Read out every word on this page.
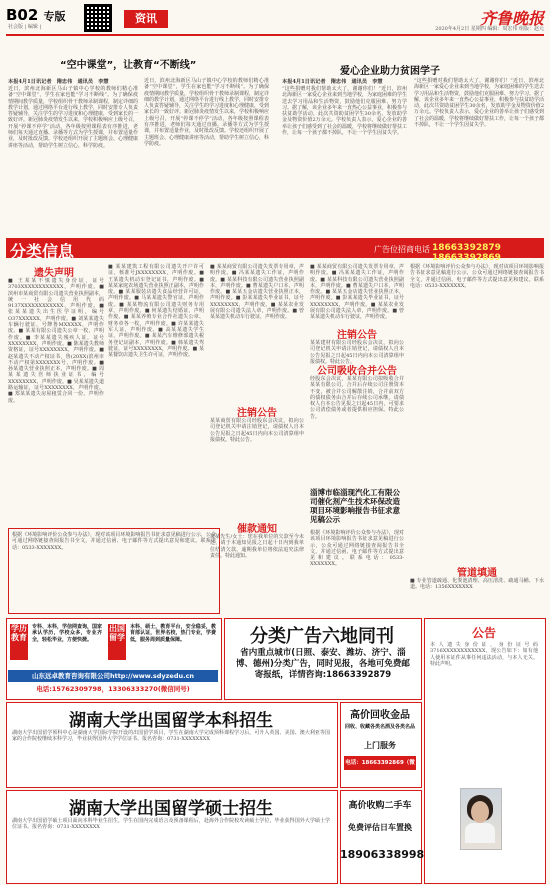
B02 专版
社会版 | 编辑 |
资讯	齐鲁晚报
2020年4月2日 星期四 编辑：周宏伟 组版：赵元
“空中课堂”，让教育“不断线”
本报4月1日讯记者　隋忠伟　通讯员　李慧
近日，滨州北海新区马山子镇中心学校的教师们精心准备“空中课堂”，学生在家也能“学习不断线”。为了确保疫情期间教学质量，学校组织骨干教师录制课程，制定详细的教学计划，通过网络平台进行线上教学，同时安排专人负责答疑辅导，关注学生的学习进度和心理健康，受到家长的一致好评。新冠肺炎疫情发生以来，学校积极响应上级号召，开展“停课不停学”活动，各年级按照课程表有序推进，老师们每天通过直播、录播等方式为学生授课，并布置适量作业，及时批改反馈。学校还组织开展了主题班会、心理健康讲座等活动，帮助学生树立信心，科学防疫。
近日，滨州北海新区马山子镇中心学校的教师们精心准备“空中课堂”，学生在家也能“学习不断线”。为了确保疫情期间教学质量，学校组织骨干教师录制课程，制定详细的教学计划，通过网络平台进行线上教学，同时安排专人负责答疑辅导，关注学生的学习进度和心理健康，受到家长的一致好评。新冠肺炎疫情发生以来，学校积极响应上级号召，开展“停课不停学”活动，各年级按照课程表有序推进，老师们每天通过直播、录播等方式为学生授课，并布置适量作业，及时批改反馈。学校还组织开展了主题班会、心理健康讲座等活动，帮助学生树立信心，科学防疫。
爱心企业助力贫困学子
本报4月1日讯记者　隋忠伟　通讯员　李慧
“这些捐赠对我们帮助太大了，谢谢你们！”近日，滨州北海新区一家爱心企业来到当地学校，为家庭困难的学生送去学习用品和生活物资，鼓励他们克服困难、努力学习。据了解，该企业多年来一直热心公益事业，积极参与扶贫助学活动，此次共资助贫困学生30余名，发放助学金及物资价值2万余元。学校负责人表示，爱心企业的善举让孩子们感受到了社会的温暖，学校将继续做好帮扶工作，让每一个孩子都不掉队，不让一个学生因贫失学。
“这些捐赠对我们帮助太大了，谢谢你们！”近日，滨州北海新区一家爱心企业来到当地学校，为家庭困难的学生送去学习用品和生活物资，鼓励他们克服困难、努力学习。据了解，该企业多年来一直热心公益事业，积极参与扶贫助学活动，此次共资助贫困学生30余名，发放助学金及物资价值2万余元。学校负责人表示，爱心企业的善举让孩子们感受到了社会的温暖，学校将继续做好帮扶工作，让每一个孩子都不掉队，不让一个学生因贫失学。
分类信息	广告位招商电话 18663392879 18663392869
遗失声明
■ 王某某不慎遗失身份证，证号3703XXXXXXXXXXXX，声明作废。■ 滨州市某商贸有限公司遗失营业执照副本，统一社会信用代码9137XXXXXXXXXXXX，声明作废。■ 张某某遗失出生医学证明，编号O37XXXXXX，声明作废。■ 刘某某遗失车辆行驶证，号牌鲁MXXXXX，声明作废。■ 某某有限公司遗失公章一枚，声明作废。■ 李某某遗失残疾人证，证号XXXXXXXX，声明作废。■ 陈某遗失教师资格证，证号XXXXXXXX，声明作废。■ 赵某遗失不动产权证书，鲁(20XX)滨州市不动产权第XXXXXXX号，声明作废。■ 孙某遗失营业执照正本，声明作废。■ 周某某遗失医师执业证书，编号XXXXXXXX，声明作废。■ 吴某某遗失道路运输证，证号XXXXXXXX，声明作废。■ 郑某某遗失房屋租赁合同一份，声明作废。
根据《环境影响评价公众参与办法》，现对该项目环境影响报告书征求意见稿进行公示，公众可通过网络链接查阅报告书全文，并通过信函、电子邮件等方式提出意见和建议。联系电话：0533-XXXXXXX。
■ 某某建筑工程有限公司遗失开户许可证，核准号JXXXXXXXX，声明作废。■ 王某遗失机动车登记证书，声明作废。■ 某某家庭农场遗失营业执照正副本，声明作废。■ 某某服装店遗失食品经营许可证，声明作废。■ 马某某遗失警官证，声明作废。■ 某某物流有限公司遗失财务专用章，声明作废。■ 何某遗失结婚证，声明作废。■ 某某养殖专业合作社遗失公章、财务章各一枚，声明作废。■ 许某某遗失军人证，声明作废。■ 高某某遗失学生证，声明作废。■ 某某汽车维修部遗失税务登记证副本，声明作废。■ 韩某遗失驾驶证，证号XXXXXXXX，声明作废。■ 某某餐饮店遗失卫生许可证，声明作废。
■ 某某商贸有限公司遗失发票专用章，声明作废。■ 冯某某遗失工作证，声明作废。■ 某某科技有限公司遗失营业执照副本，声明作废。■ 曹某遗失户口本，声明作废。■ 某某五金店遗失营业执照正本，声明作废。■ 彭某某遗失毕业证书，证号XXXXXXXX，声明作废。■ 某某农业发展有限公司遗失法人章，声明作废。■ 曾某某遗失机动车行驶证，声明作废。
注销公告
某某商贸有限公司经股东会决议，拟向公司登记机关申请注销登记，请债权人自本公告见报之日起45日内向本公司清算组申报债权。特此公告。
催款通知
某某先生/女士：您在我单位的欠款至今未还，请于本通知见报之日起十日内到我单位结清欠款，逾期我单位将依法追究法律责任。特此通知。
■ 某某商贸有限公司遗失发票专用章，声明作废。■ 冯某某遗失工作证，声明作废。■ 某某科技有限公司遗失营业执照副本，声明作废。■ 曹某遗失户口本，声明作废。■ 某某五金店遗失营业执照正本，声明作废。■ 彭某某遗失毕业证书，证号XXXXXXXX，声明作废。■ 某某农业发展有限公司遗失法人章，声明作废。■ 曾某某遗失机动车行驶证，声明作废。
注销公告
某某建材有限公司经股东会决议，拟向公司登记机关申请注销登记，请债权人自本公告见报之日起45日内向本公司清算组申报债权。特此公告。
公司吸收合并公告
经股东会决议，某某有限公司拟吸收合并某某有限公司，合并后存续公司注册资本不变，被合并公司解散注销，合并前双方的债权债务由合并后存续公司承继。请债权人自本公告见报之日起45日内，可要求公司清偿债务或者提供相应担保。特此公告。
淄博市临淄现汽化工有限公司催化剂产生技术环保改造项目环境影响报告书征求意见稿公示
根据《环境影响评价公众参与办法》，现对该项目环境影响报告书征求意见稿进行公示，公众可通过网络链接查阅报告书全文，并通过信函、电子邮件等方式提出意见和建议。联系电话：0533-XXXXXXX。
根据《环境影响评价公众参与办法》，现对该项目环境影响报告书征求意见稿进行公示，公众可通过网络链接查阅报告书全文，并通过信函、电子邮件等方式提出意见和建议。联系电话：0533-XXXXXXX。
管道填通
■ 专业管道疏通、化粪池清理、高压清洗、疏通马桶、下水道。电话：1356XXXXXXX
学历教育
专科、本科，学信网查询，国家承认学历，学校众多，专业齐全，轻松毕业，方便快捷。
出国留学
本科、硕士，教育平台，安全稳妥，教育部认证，世界名校，热门专业，学费低，服务周到质量保障。
山东远卓教育咨询有限公司http://www.sdyzedu.cn
电话:15762309798，13306333270(微信同号)
分类广告六地同刊
省内重点城市(日照、泰安、潍坊、济宁、淄博、德州)分类广告，同时见报，各地可免费邮寄报纸，详情咨询:18663392879
公告
本人遗失身份证，身份证号码3716XXXXXXXXXXXX，现公告如下：如有他人使用本证件从事任何违法活动，与本人无关。特此声明。
湖南大学出国留学本科招生
湖南大学出国留学预科中心是湖南大学国际学院开设的出国留学项目，学生在湖南大学完成预科课程学习后，可升入英国、美国、澳大利亚等国家的合作院校继续本科学习，毕业获得国外大学学位证书。报名咨询：0731-XXXXXXXX
湖南大学出国留学硕士招生
湖南大学出国留学硕士项目面向本科毕业生招生，学生在国内完成语言及预备课程后，赴海外合作院校攻读硕士学位，毕业获得国外大学硕士学位证书。报名咨询：0731-XXXXXXXX
高价回收金品
回收、收藏各类名酒及各类名品
上门服务
电话：18663392869（微信）
高价收购二手车
免费评估日车置换
18906338998
